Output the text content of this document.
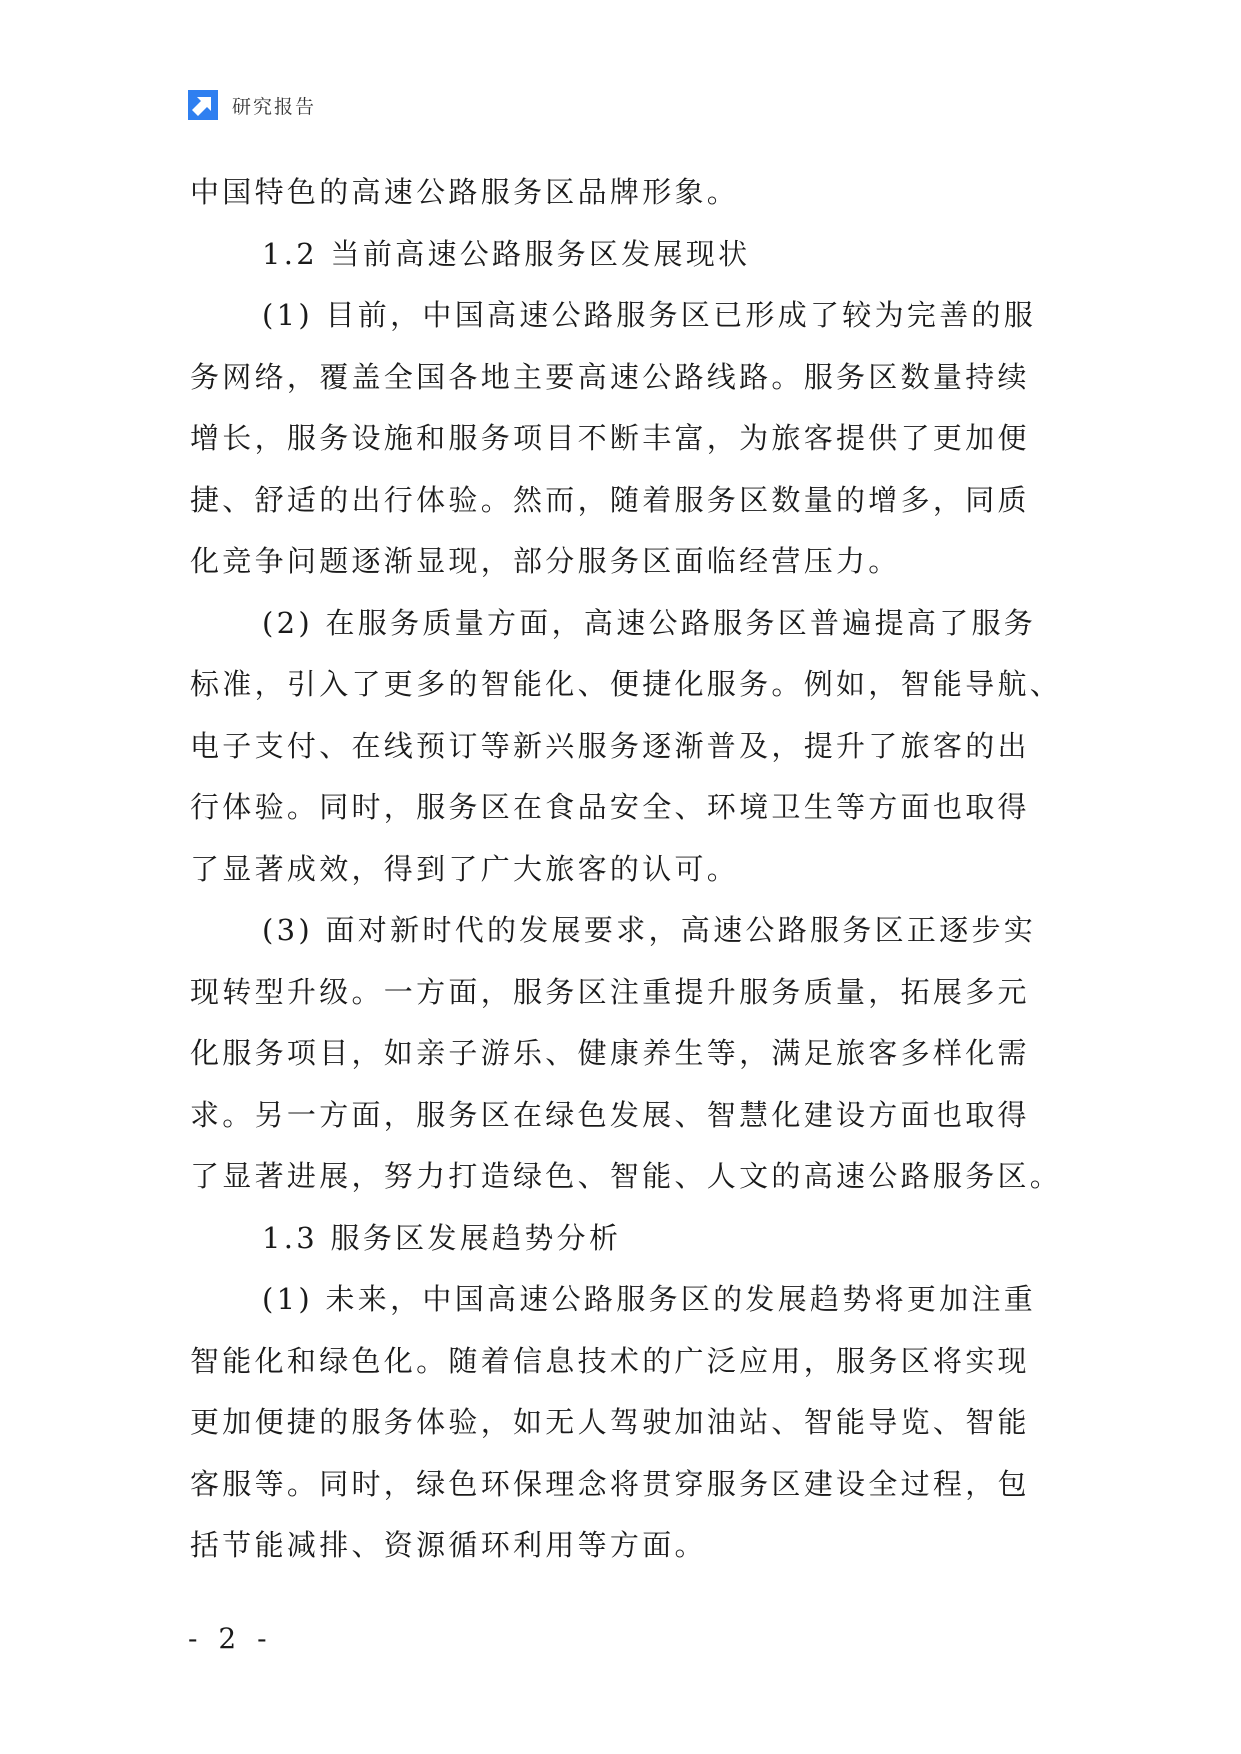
研究报告
中国特色的高速公路服务区品牌形象。
1.2 当前高速公路服务区发展现状
(1) 目前，中国高速公路服务区已形成了较为完善的服
务网络，覆盖全国各地主要高速公路线路。服务区数量持续
增长，服务设施和服务项目不断丰富，为旅客提供了更加便
捷、舒适的出行体验。然而，随着服务区数量的增多，同质
化竞争问题逐渐显现，部分服务区面临经营压力。
(2) 在服务质量方面，高速公路服务区普遍提高了服务
标准，引入了更多的智能化、便捷化服务。例如，智能导航、
电子支付、在线预订等新兴服务逐渐普及，提升了旅客的出
行体验。同时，服务区在食品安全、环境卫生等方面也取得
了显著成效，得到了广大旅客的认可。
(3) 面对新时代的发展要求，高速公路服务区正逐步实
现转型升级。一方面，服务区注重提升服务质量，拓展多元
化服务项目，如亲子游乐、健康养生等，满足旅客多样化需
求。另一方面，服务区在绿色发展、智慧化建设方面也取得
了显著进展，努力打造绿色、智能、人文的高速公路服务区。
1.3 服务区发展趋势分析
(1) 未来，中国高速公路服务区的发展趋势将更加注重
智能化和绿色化。随着信息技术的广泛应用，服务区将实现
更加便捷的服务体验，如无人驾驶加油站、智能导览、智能
客服等。同时，绿色环保理念将贯穿服务区建设全过程，包
括节能减排、资源循环利用等方面。
- 2 -
